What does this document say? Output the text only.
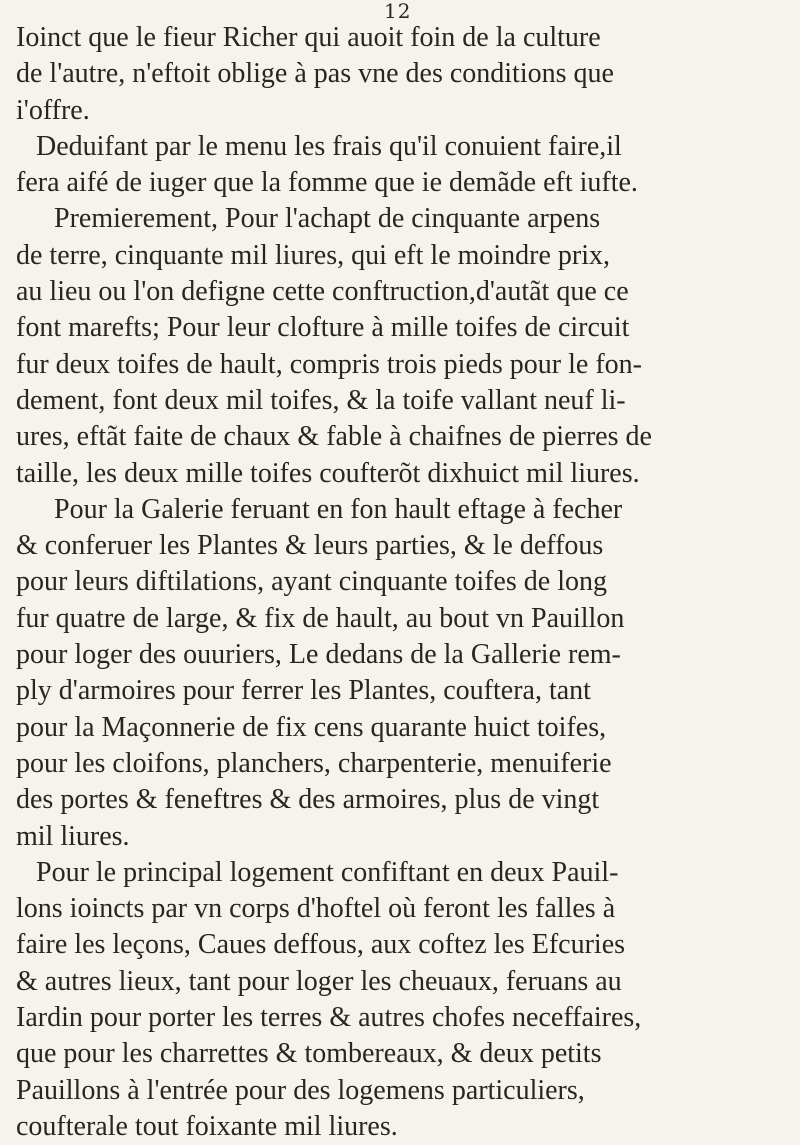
12
Ioinct que le fieur Richer qui auoit foin de la culture
de l'autre, n'eftoit oblige à pas vne des conditions que
i'offre.
Deduifant par le menu les frais qu'il conuient faire,il
fera aifé de iuger que la fomme que ie demãde eft iufte.
Premierement, Pour l'achapt de cinquante arpens
de terre, cinquante mil liures, qui eft le moindre prix,
au lieu ou l'on defigne cette conftruction,d'autãt que ce
font marefts; Pour leur clofture à mille toifes de circuit
fur deux toifes de hault, compris trois pieds pour le fon-
dement, font deux mil toifes, & la toife vallant neuf li-
ures, eftãt faite de chaux & fable à chaifnes de pierres de
taille, les deux mille toifes coufterõt dixhuict mil liures.
Pour la Galerie feruant en fon hault eftage à fecher
& conferuer les Plantes & leurs parties, & le deffous
pour leurs diftilations, ayant cinquante toifes de long
fur quatre de large, & fix de hault, au bout vn Pauillon
pour loger des ouuriers, Le dedans de la Gallerie rem-
ply d'armoires pour ferrer les Plantes, couftera, tant
pour la Maçonnerie de fix cens quarante huict toifes,
pour les cloifons, planchers, charpenterie, menuiferie
des portes & feneftres & des armoires, plus de vingt
mil liures.
Pour le principal logement confiftant en deux Pauil-
lons ioincts par vn corps d'hoftel où feront les falles à
faire les leçons, Caues deffous, aux coftez les Efcuries
& autres lieux, tant pour loger les cheuaux, feruans au
Iardin pour porter les terres & autres chofes neceffaires,
que pour les charrettes & tombereaux, & deux petits
Pauillons à l'entrée pour des logemens particuliers,
coufterale tout foixante mil liures.
